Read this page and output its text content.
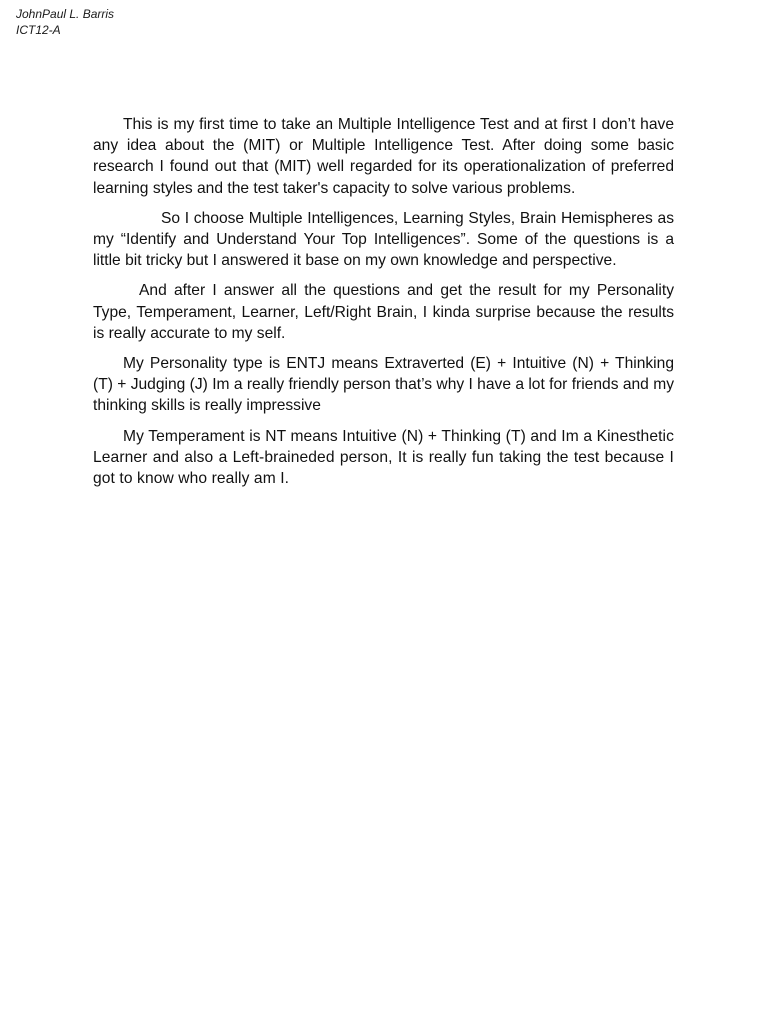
JohnPaul L. Barris
ICT12-A

This is my first time to take an Multiple Intelligence Test and at first I don’t have any idea about the (MIT) or Multiple Intelligence Test. After doing some basic research I found out that (MIT) well regarded for its operationalization of preferred learning styles and the test taker's capacity to solve various problems.

So I choose Multiple Intelligences, Learning Styles, Brain Hemispheres as my “Identify and Understand Your Top Intelligences”. Some of the questions is a little bit tricky but I answered it base on my own knowledge and perspective.

And after I answer all the questions and get the result for my Personality Type, Temperament, Learner, Left/Right Brain, I kinda surprise because the results is really accurate to my self.

My Personality type is ENTJ means Extraverted (E) + Intuitive (N) + Thinking (T) + Judging (J) Im a really friendly person that’s why I have a lot for friends and my thinking skills is really impressive

My Temperament is NT means Intuitive (N) + Thinking (T) and Im a Kinesthetic Learner and also a Left-braineded person, It is really fun taking the test because I got to know who really am I.
